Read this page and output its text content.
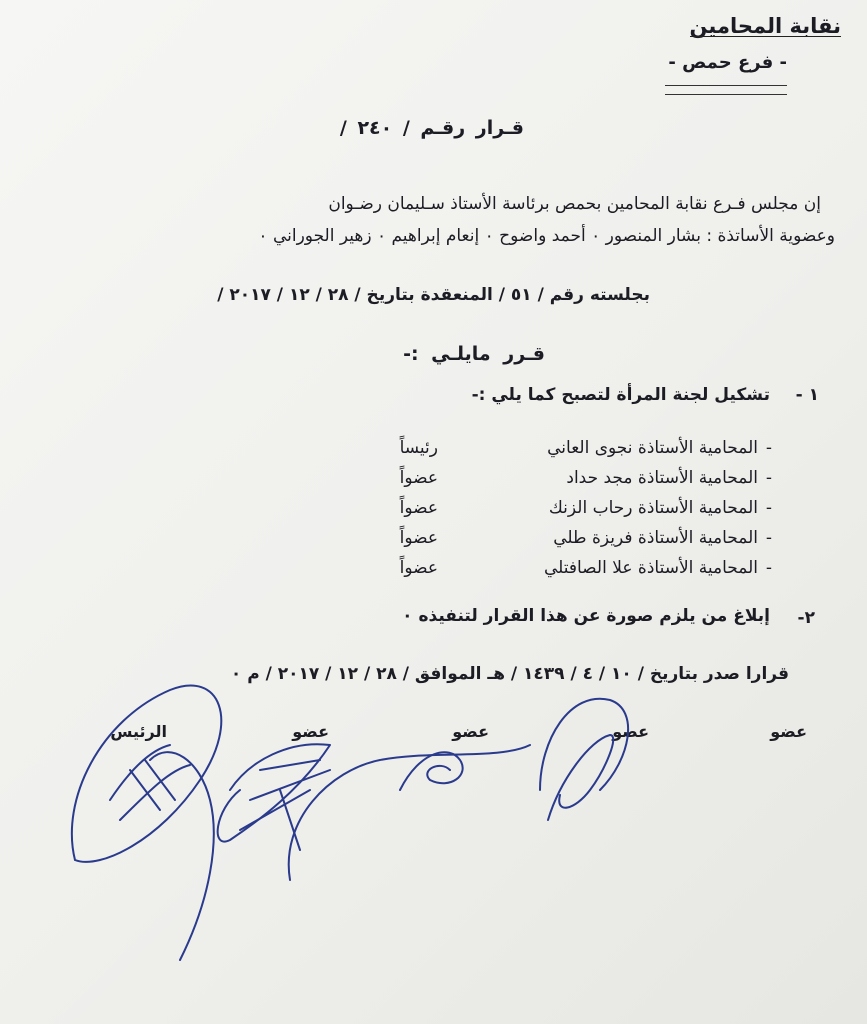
نقابة المحامين
- فرع حمص -
قـرار رقـم / ٢٤٠ /
إن مجلس فـرع نقابة المحامين بحمص برئاسة الأستاذ سـليمان رضـوان
وعضوية الأساتذة : بشار المنصور ٠ أحمد واضوح ٠ إنعام إبراهيم ٠ زهير الجوراني ٠
بجلسته رقم / ٥١ / المنعقدة بتاريخ / ٢٨ / ١٢ / ٢٠١٧ /
قـرر مايلـي :-
١ -
تشكيل لجنة المرأة لتصبح كما يلي :-
-
المحامية الأستاذة نجوى العاني
رئيساً
-
المحامية الأستاذة مجد حداد
عضواً
-
المحامية الأستاذة رحاب الزنك
عضواً
-
المحامية الأستاذة فريزة طلي
عضواً
-
المحامية الأستاذة علا الصافتلي
عضواً
٢-
إبلاغ من يلزم صورة عن هذا القرار لتنفيذه ٠
قرارا صدر بتاريخ / ١٠ / ٤ / ١٤٣٩ / هـ الموافق / ٢٨ / ١٢ / ٢٠١٧ / م ٠
عضو
عضو
عضو
عضو
الرئيس
